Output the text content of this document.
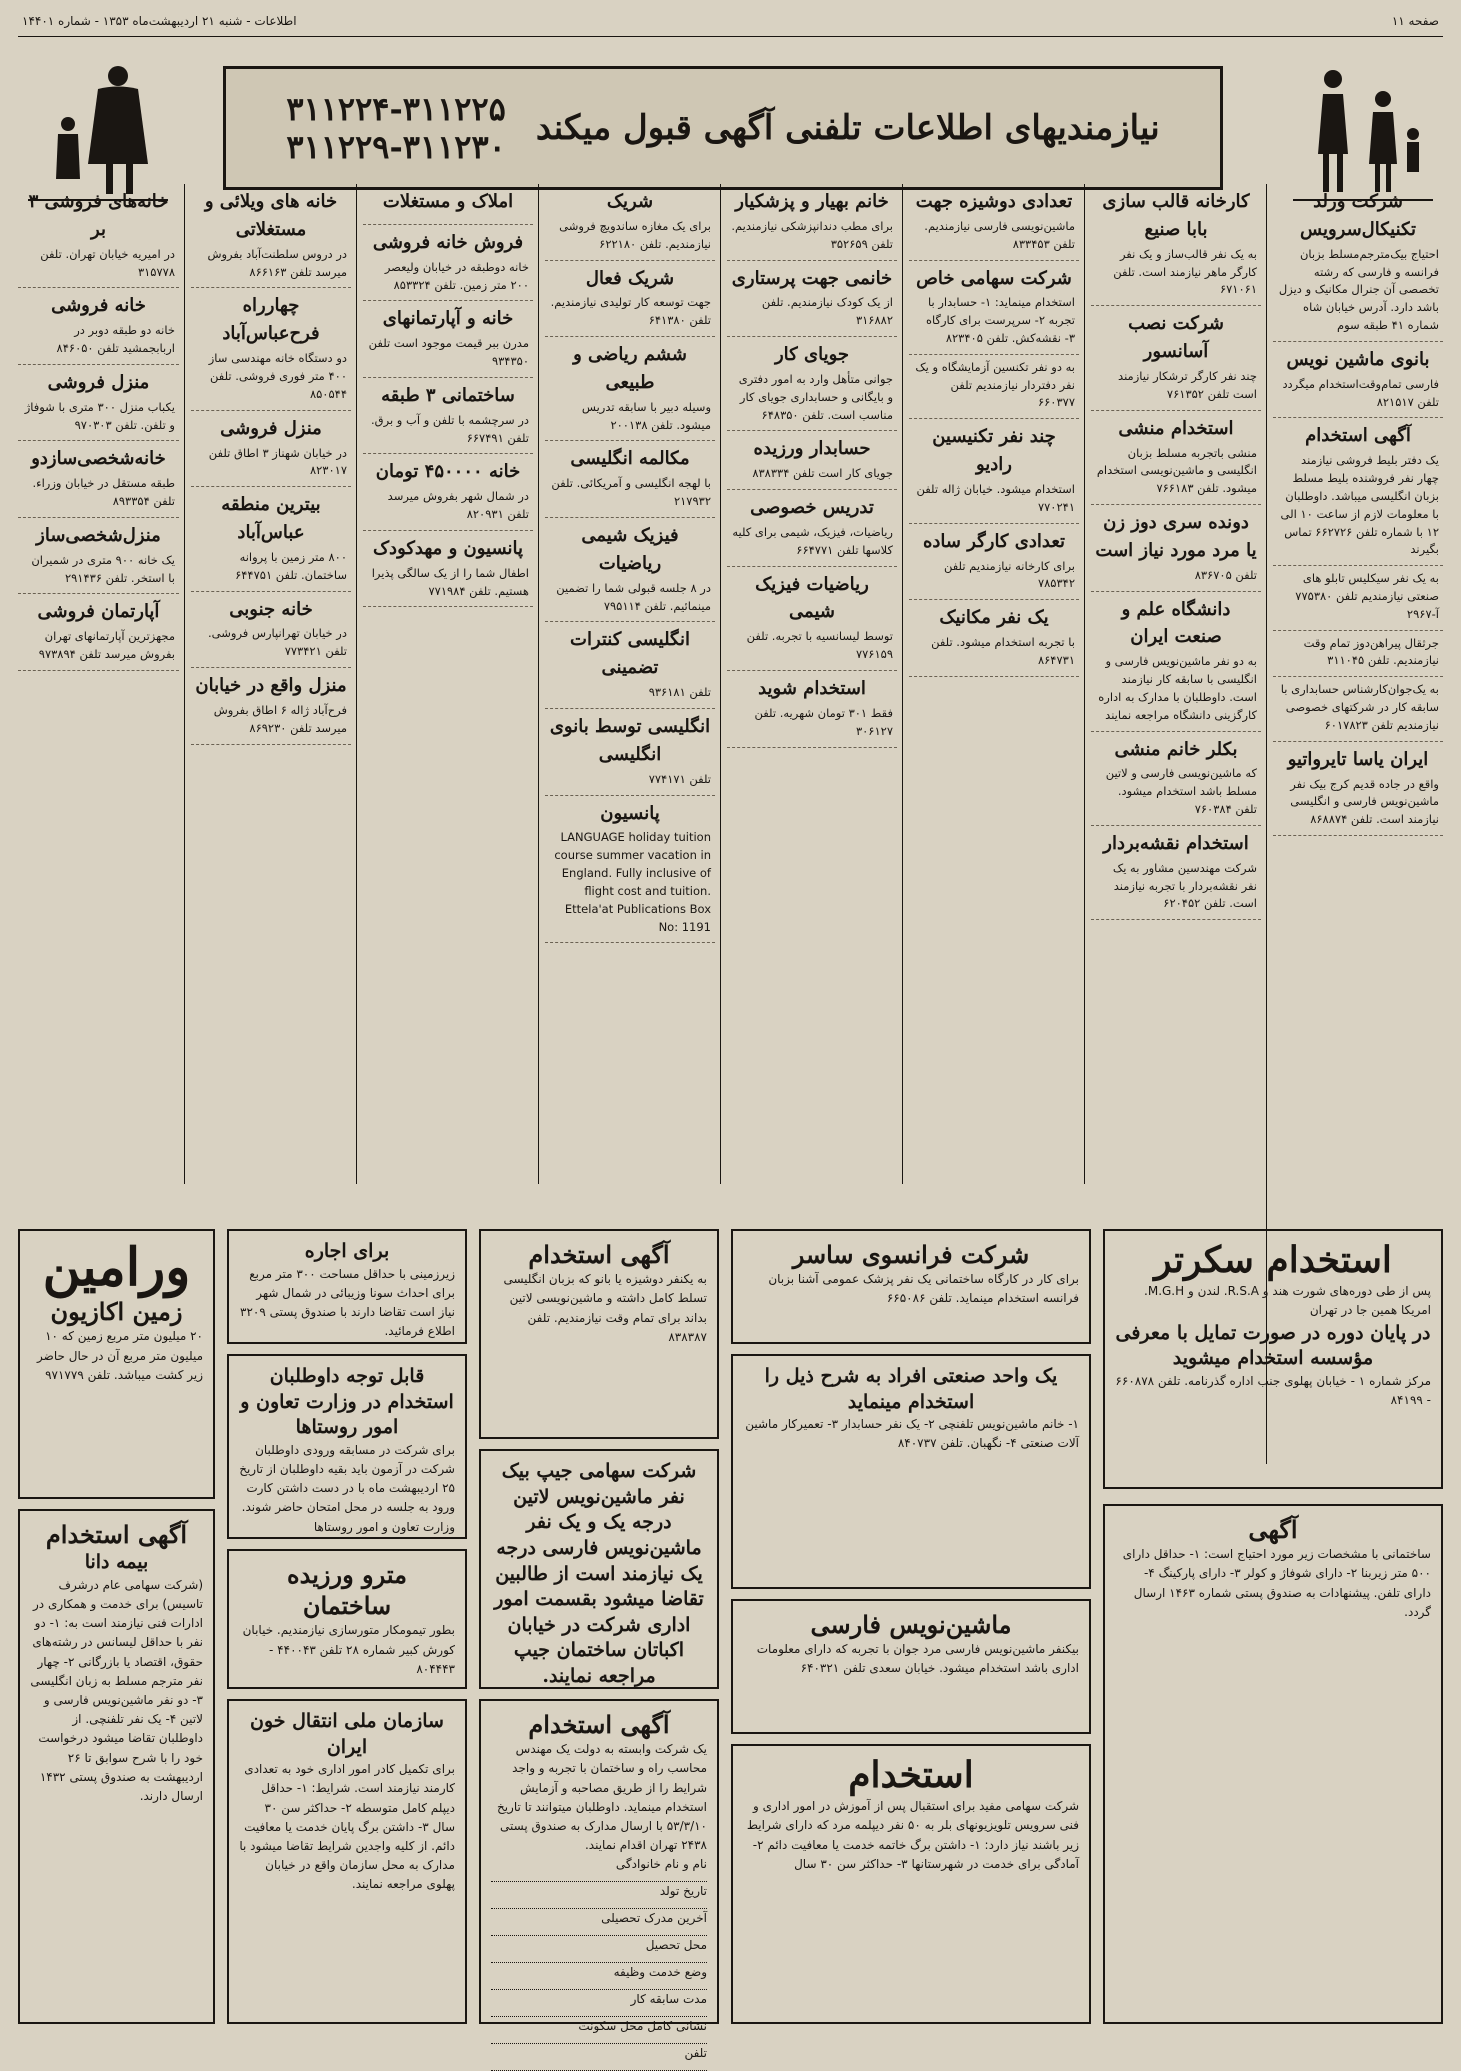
صفحه ۱۱
اطلاعات - شنبه ۲۱ اردیبهشت‌ماه ۱۳۵۳ - شماره ۱۴۴۰۱
نیازمندیهای اطلاعات تلفنی آگهی قبول میکند
۳۱۱۲۲۴-۳۱۱۲۲۵
۳۱۱۲۲۹-۳۱۱۲۳۰
شرکت ورلد تکنیکال‌سرویس
احتیاج بیک‌مترجم‌مسلط بزبان فرانسه و فارسی که رشته تخصصی آن جنرال‌ مکانیک و دیزل باشد دارد. آدرس‌ خیابان شاه شماره ۴۱ طبقه سوم
بانوی ماشین نویس
فارسی تمام‌وقت‌استخدام میگردد تلفن ۸۲۱۵۱۷
آگهی استخدام
یک دفتر بلیط فروشی نیازمند چهار نفر فروشنده بلیط مسلط بزبان انگلیسی میباشد. داوطلبان با معلومات لازم از ساعت ۱۰ الی ۱۲ با شماره تلفن ۶۶۲۷۲۶ تماس بگیرند
به یک نفر سیکلیس تابلو های صنعتی نیازمندیم تلفن ۷۷۵۳۸۰ آ-۲۹۶۷
جرثقال پیراهن‌دوز تمام وقت نیازمندیم. تلفن ۳۱۱۰۴۵
به یک‌جوان‌کارشناس حسابداری با سابقه کار در شرکتهای خصوصی نیازمندیم تلفن ۶۰۱۷۸۲۳
ایران یاسا تایرواتیو
واقع در جاده قدیم کرج بیک نفر ماشین‌نویس فارسی و انگلیسی نیازمند است. تلفن ۸۶۸۸۷۴
کارخانه قالب سازی بابا صنیع
به یک نفر قالب‌ساز و یک نفر کارگر ماهر نیازمند است. تلفن ۶۷۱۰۶۱
شرکت نصب آسانسور
چند نفر کارگر ترشکار نیازمند است تلفن ۷۶۱۳۵۲
استخدام منشی
منشی باتجربه مسلط بزبان انگلیسی و ماشین‌نویسی استخدام میشود. تلفن ۷۶۶۱۸۳
دونده سری دوز زن یا مرد مورد نیاز است
تلفن ۸۳۶۷۰۵
دانشگاه علم و صنعت ایران
به دو نفر ماشین‌نویس فارسی و انگلیسی با سابقه کار نیازمند است. داوطلبان با مدارک به اداره کارگزینی دانشگاه مراجعه نمایند
بکلر خانم منشی
که ماشین‌نویسی فارسی و لاتین مسلط باشد استخدام میشود. تلفن ۷۶۰۳۸۴
استخدام نقشه‌بردار
شرکت مهندسین مشاور به یک نفر نقشه‌بردار با تجربه نیازمند است. تلفن ۶۲۰۴۵۲
تعدادی دوشیزه جهت
ماشین‌نویسی فارسی نیازمندیم. تلفن ۸۳۳۴۵۳
شرکت سهامی خاص
استخدام مینماید: ۱- حسابدار با تجربه ۲- سرپرست برای کارگاه ۳- نقشه‌کش. تلفن ۸۲۳۴۰۵
به دو نفر تکنسین آزمایشگاه و یک نفر دفتردار نیازمندیم تلفن ۶۶۰۳۷۷
چند نفر تکنیسین رادیو
استخدام میشود. خیابان ژاله تلفن ۷۷۰۲۴۱
تعدادی کارگر ساده
برای کارخانه نیازمندیم تلفن ۷۸۵۳۴۲
یک نفر مکانیک
با تجربه استخدام میشود. تلفن ۸۶۴۷۳۱
خانم بهیار و پزشکیار
برای مطب دندانپزشکی نیازمندیم. تلفن ۳۵۲۶۵۹
خانمی جهت پرستاری
از یک کودک نیازمندیم. تلفن ۳۱۶۸۸۲
جویای کار
جوانی متأهل وارد به امور دفتری و بایگانی و حسابداری جویای کار مناسب است. تلفن ۶۴۸۳۵۰
حسابدار ورزیده
جویای کار است تلفن ۸۳۸۳۳۴
تدریس خصوصی
ریاضیات، فیزیک، شیمی برای کلیه کلاسها تلفن ۶۶۴۷۷۱
ریاضیات فیزیک شیمی
توسط لیسانسیه با تجربه. تلفن ۷۷۶۱۵۹
استخدام شوید
فقط ۳۰۱ تومان شهریه. تلفن ۳۰۶۱۲۷
شریک
برای یک مغازه ساندویچ فروشی نیازمندیم. تلفن ۶۲۲۱۸۰
شریک فعال
جهت توسعه کار تولیدی نیازمندیم. تلفن ۶۴۱۳۸۰
ششم ریاضی و طبیعی
وسیله دبیر با سابقه تدریس میشود. تلفن ۲۰۰۱۳۸
مکالمه انگلیسی
با لهجه انگلیسی و آمریکائی. تلفن ۲۱۷۹۳۲
فیزیک شیمی ریاضیات
در ۸ جلسه قبولی شما را تضمین مینمائیم. تلفن ۷۹۵۱۱۴
انگلیسی کنترات تضمینی
تلفن ۹۳۶۱۸۱
انگلیسی توسط بانوی انگلیسی
تلفن ۷۷۴۱۷۱
پانسیون
LANGUAGE holiday tuition course summer vacation in England. Fully inclusive of flight cost and tuition. Ettela'at Publications Box No: 1191
املاک و مستغلات
فروش خانه فروشی
خانه دوطبقه در خیابان ولیعصر ۲۰۰ متر زمین. تلفن ۸۵۳۳۲۴
خانه و آپارتمانهای
مدرن ببر قیمت موجود است تلفن ۹۳۴۳۵۰
ساختمانی ۳ طبقه
در سرچشمه با تلفن و آب و برق. تلفن ۶۶۷۴۹۱
خانه ۴۵۰۰۰۰ تومان
در شمال شهر بفروش میرسد تلفن ۸۲۰۹۳۱
پانسیون و مهدکودک
اطفال شما را از یک سالگی پذیرا هستیم. تلفن ۷۷۱۹۸۴
خانه های ویلائی و مستغلاتی
در دروس سلطنت‌آباد بفروش میرسد تلفن ۸۶۶۱۶۳
چهارراه فرح‌عباس‌آباد
دو دستگاه خانه مهندسی ساز ۴۰۰ متر فوری فروشی. تلفن ۸۵۰۵۴۴
منزل فروشی
در خیابان شهناز ۳ اطاق تلفن ۸۲۳۰۱۷
بیترین منطقه عباس‌آباد
۸۰۰ متر زمین با پروانه ساختمان. تلفن ۶۴۴۷۵۱
خانه جنوبی
در خیابان تهرانپارس فروشی. تلفن ۷۷۳۴۲۱
منزل واقع در خیابان
فرح‌آباد ژاله ۶ اطاق بفروش میرسد تلفن ۸۶۹۲۳۰
خانه‌های فروشی ۳ بر
در امیریه خیابان تهران. تلفن ۳۱۵۷۷۸
خانه فروشی
خانه دو طبقه دوبر در اربابجمشید تلفن ۸۴۶۰۵۰
منزل فروشی
یکباب منزل ۳۰۰ متری با شوفاژ و تلفن. تلفن ۹۷۰۳۰۳
خانه‌شخصی‌سازدو
طبقه مستقل در خیابان وزراء. تلفن ۸۹۳۳۵۴
منزل‌شخصی‌ساز
یک خانه ۹۰۰ متری در شمیران با استخر. تلفن ۲۹۱۴۳۶
آپارتمان فروشی
مجهزترین آپارتمانهای تهران بفروش میرسد تلفن ۹۷۳۸۹۴
استخدام سکرتر
پس از طی دوره‌های شورت هند و R.S.A. لندن و M.G.H. امریکا همین جا در تهران
در پایان دوره در صورت تمایل با معرفی مؤسسه استخدام میشوید
مرکز شماره ۱ - خیابان پهلوی جنب اداره گذرنامه. تلفن ۶۶۰۸۷۸ - ۸۴۱۹۹
آگهی
ساختمانی با مشخصات زیر مورد احتیاج است: ۱- حداقل دارای ۵۰۰ متر زیربنا ۲- دارای شوفاژ و کولر ۳- دارای پارکینگ ۴- دارای تلفن. پیشنهادات به صندوق پستی شماره ۱۴۶۳ ارسال گردد.
شرکت فرانسوی ساسر
برای کار در کارگاه ساختمانی یک نفر پزشک عمومی آشنا بزبان فرانسه استخدام مینماید. تلفن ۶۶۵۰۸۶
یک واحد صنعتی افراد به شرح ذیل را استخدام مینماید
۱- خانم ماشین‌نویس تلفنچی ۲- یک نفر حسابدار ۳- تعمیرکار ماشین آلات صنعتی ۴- نگهبان. تلفن ۸۴۰۷۳۷
ماشین‌نویس فارسی
بیکنفر ماشین‌نویس فارسی مرد جوان با تجربه که دارای معلومات اداری باشد استخدام میشود. خیابان سعدی تلفن ۶۴۰۳۲۱
استخدام
شرکت سهامی مفید برای استقبال پس از آموزش در امور اداری و فنی سرویس تلویزیونهای بلر به ۵۰ نفر دیپلمه مرد که دارای شرایط زیر باشند نیاز دارد: ۱- داشتن برگ خاتمه خدمت یا معافیت دائم ۲- آمادگی برای خدمت در شهرستانها ۳- حداکثر سن ۳۰ سال
آگهی استخدام
به یکنفر دوشیزه یا بانو که بزبان انگلیسی تسلط کامل داشته و ماشین‌نویسی لاتین بداند برای تمام وقت نیازمندیم. تلفن ۸۳۸۳۸۷
شرکت سهامی جیپ بیک نفر ماشین‌نویس لاتین درجه یک و یک نفر ماشین‌نویس فارسی درجه یک نیازمند است از طالبین تقاضا میشود بقسمت امور اداری شرکت در خیابان اکباتان ساختمان جیپ مراجعه نمایند.
آگهی استخدام
یک شرکت وابسته به دولت یک مهندس محاسب راه و ساختمان با تجربه و واجد شرایط را از طریق مصاحبه و آزمایش استخدام مینماید. داوطلبان میتوانند تا تاریخ ۵۳/۳/۱۰ با ارسال مدارک به صندوق پستی ۲۴۳۸ تهران اقدام نمایند.
نام و نام خانوادگی
تاریخ تولد
آخرین مدرک تحصیلی
محل تحصیل
وضع خدمت وظیفه
مدت سابقه کار
نشانی کامل محل سکونت
تلفن
برای اجاره
زیرزمینی با حداقل مساحت ۳۰۰ متر مربع برای احداث سونا وزیبائی در شمال شهر نیاز است تقاضا دارند با صندوق پستی ۳۲۰۹ اطلاع فرمائید.
قابل توجه داوطلبان استخدام در وزارت تعاون و امور روستاها
برای شرکت در مسابقه ورودی داوطلبان شرکت در آزمون باید بقیه داوطلبان از تاریخ ۲۵ اردیبهشت ماه با در دست داشتن کارت ورود به جلسه در محل امتحان حاضر شوند. وزارت تعاون و امور روستاها
مترو ورزیده ساختمان
بطور تیمومکار متورسازی نیازمندیم. خیابان کورش کبیر شماره ۲۸ تلفن ۴۴۰۰۴۳ - ۸۰۴۴۴۳
سازمان ملی انتقال خون ایران
برای تکمیل کادر امور اداری خود به تعدادی کارمند نیازمند است. شرایط: ۱- حداقل دیپلم کامل متوسطه ۲- حداکثر سن ۳۰ سال ۳- داشتن برگ پایان خدمت یا معافیت دائم. از کلیه واجدین شرایط تقاضا میشود با مدارک به محل سازمان واقع در خیابان پهلوی مراجعه نمایند.
ورامین
زمین اکازیون
۲۰ میلیون متر مربع زمین که ۱۰ میلیون‌ متر مربع آن در حال حاضر زیر کشت میباشد. تلفن ۹۷۱۷۷۹
آگهی استخدام
بیمه دانا
(شرکت سهامی عام درشرف تاسیس) برای خدمت و همکاری در ادارات فنی نیازمند است به: ۱- دو نفر با حداقل لیسانس در رشته‌های حقوق، اقتصاد یا بازرگانی ۲- چهار نفر مترجم مسلط به زبان انگلیسی ۳- دو نفر ماشین‌نویس فارسی و لاتین ۴- یک نفر تلفنچی. از داوطلبان تقاضا میشود درخواست خود را با شرح سوابق تا ۲۶ اردیبهشت به صندوق پستی ۱۴۳۲ ارسال دارند.
